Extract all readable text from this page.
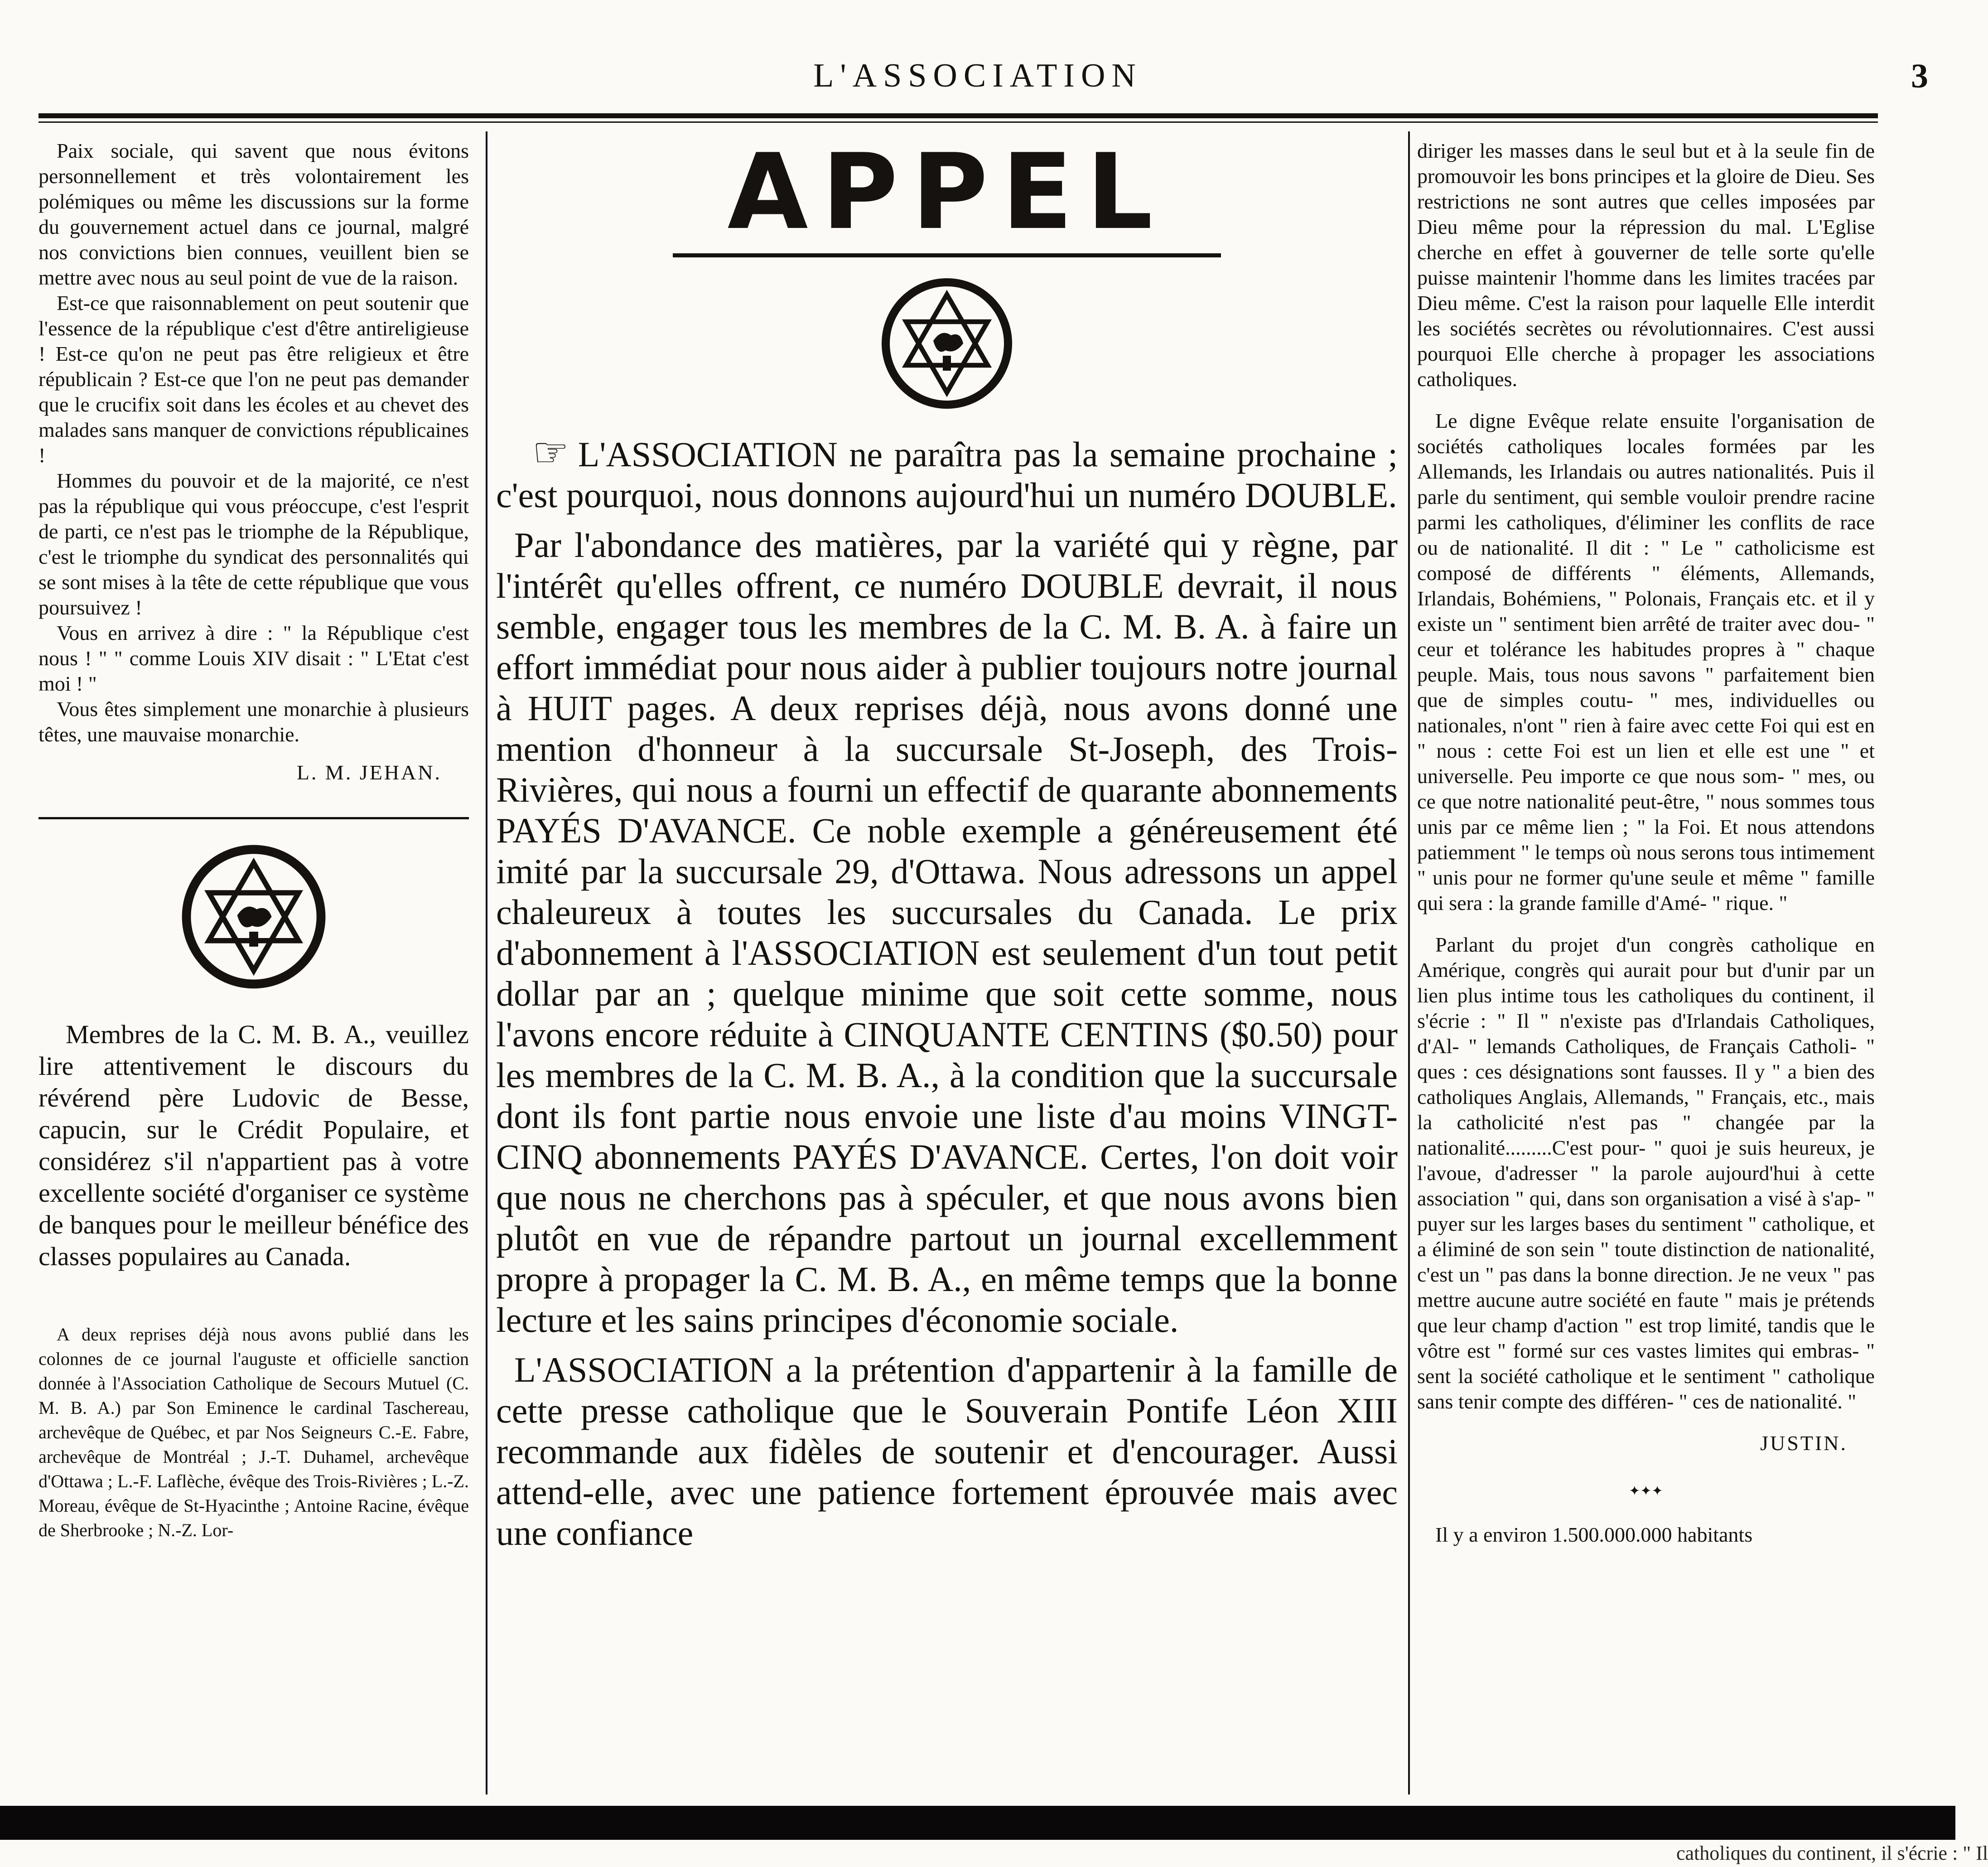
L'ASSOCIATION	3

Paix sociale, qui savent que nous évitons personnellement et très volontairement les polémiques ou même les discussions sur la forme du gouvernement actuel dans ce journal, malgré nos convictions bien connues, veuillent bien se mettre avec nous au seul point de vue de la raison.

Est-ce que raisonnablement on peut soutenir que l'essence de la république c'est d'être antireligieuse ! Est-ce qu'on ne peut pas être religieux et être républicain ? Est-ce que l'on ne peut pas demander que le crucifix soit dans les écoles et au chevet des malades sans manquer de convictions républicaines !

Hommes du pouvoir et de la majorité, ce n'est pas la république qui vous préoccupe, c'est l'esprit de parti, ce n'est pas le triomphe de la République, c'est le triomphe du syndicat des personnalités qui se sont mises à la tête de cette république que vous poursuivez !

Vous en arrivez à dire : " la République c'est nous ! " " comme Louis XIV disait : " L'Etat c'est moi ! "

Vous êtes simplement une monarchie à plusieurs têtes, une mauvaise monarchie.

L. M. JEHAN.

Membres de la C. M. B. A., veuillez lire attentivement le discours du révérend père Ludovic de Besse, capucin, sur le Crédit Populaire, et considérez s'il n'appartient pas à votre excellente société d'organiser ce système de banques pour le meilleur bénéfice des classes populaires au Canada.

A deux reprises déjà nous avons publié dans les colonnes de ce journal l'auguste et officielle sanction donnée à l'Association Catholique de Secours Mutuel (C. M. B. A.) par Son Eminence le cardinal Taschereau, archevêque de Québec, et par Nos Seigneurs C.-E. Fabre, archevêque de Montréal ; J.-T. Duhamel, archevêque d'Ottawa ; L.-F. Laflèche, évêque des Trois-Rivières ; L.-Z. Moreau, évêque de St-Hyacinthe ; Antoine Racine, évêque de Sherbrooke ; N.-Z. Lor-

APPEL

☞ L'ASSOCIATION ne paraîtra pas la semaine prochaine ; c'est pourquoi, nous donnons aujourd'hui un numéro DOUBLE.

Par l'abondance des matières, par la variété qui y règne, par l'intérêt qu'elles offrent, ce numéro DOUBLE devrait, il nous semble, engager tous les membres de la C. M. B. A. à faire un effort immédiat pour nous aider à publier toujours notre journal à HUIT pages. A deux reprises déjà, nous avons donné une mention d'honneur à la succursale St-Joseph, des Trois-Rivières, qui nous a fourni un effectif de quarante abonnements PAYÉS D'AVANCE. Ce noble exemple a généreusement été imité par la succursale 29, d'Ottawa. Nous adressons un appel chaleureux à toutes les succursales du Canada. Le prix d'abonnement à l'ASSOCIATION est seulement d'un tout petit dollar par an ; quelque minime que soit cette somme, nous l'avons encore réduite à CINQUANTE CENTINS ($0.50) pour les membres de la C. M. B. A., à la condition que la succursale dont ils font partie nous envoie une liste d'au moins VINGT-CINQ abonnements PAYÉS D'AVANCE. Certes, l'on doit voir que nous ne cherchons pas à spéculer, et que nous avons bien plutôt en vue de répandre partout un journal excellemment propre à propager la C. M. B. A., en même temps que la bonne lecture et les sains principes d'économie sociale.

L'ASSOCIATION a la prétention d'appartenir à la famille de cette presse catholique que le Souverain Pontife Léon XIII recommande aux fidèles de soutenir et d'encourager. Aussi attend-elle, avec une patience fortement éprouvée mais avec une confiance

diriger les masses dans le seul but et à la seule fin de promouvoir les bons principes et la gloire de Dieu. Ses restrictions ne sont autres que celles imposées par Dieu même pour la répression du mal. L'Eglise cherche en effet à gouverner de telle sorte qu'elle puisse maintenir l'homme dans les limites tracées par Dieu même. C'est la raison pour laquelle Elle interdit les sociétés secrètes ou révolutionnaires. C'est aussi pourquoi Elle cherche à propager les associations catholiques.

Le digne Evêque relate ensuite l'organisation de sociétés catholiques locales formées par les Allemands, les Irlandais ou autres nationalités. Puis il parle du sentiment, qui semble vouloir prendre racine parmi les catholiques, d'éliminer les conflits de race ou de nationalité. Il dit : " Le " catholicisme est composé de différents " éléments, Allemands, Irlandais, Bohémiens, " Polonais, Français etc. et il y existe un " sentiment bien arrêté de traiter avec dou- " ceur et tolérance les habitudes propres à " chaque peuple. Mais, tous nous savons " parfaitement bien que de simples coutu- " mes, individuelles ou nationales, n'ont " rien à faire avec cette Foi qui est en " nous : cette Foi est un lien et elle est une " et universelle. Peu importe ce que nous som- " mes, ou ce que notre nationalité peut-être, " nous sommes tous unis par ce même lien ; " la Foi. Et nous attendons patiemment " le temps où nous serons tous intimement " unis pour ne former qu'une seule et même " famille qui sera : la grande famille d'Amé- " rique. "

Parlant du projet d'un congrès catholique en Amérique, congrès qui aurait pour but d'unir par un lien plus intime tous les catholiques du continent, il s'écrie : " Il " n'existe pas d'Irlandais Catholiques, d'Al- " lemands Catholiques, de Français Catholi- " ques : ces désignations sont fausses. Il y " a bien des catholiques Anglais, Allemands, " Français, etc., mais la catholicité n'est pas " changée par la nationalité.........C'est pour- " quoi je suis heureux, je l'avoue, d'adresser " la parole aujourd'hui à cette association " qui, dans son organisation a visé à s'ap- " puyer sur les larges bases du sentiment " catholique, et a éliminé de son sein " toute distinction de nationalité, c'est un " pas dans la bonne direction. Je ne veux " pas mettre aucune autre société en faute " mais je prétends que leur champ d'action " est trop limité, tandis que le vôtre est " formé sur ces vastes limites qui embras- " sent la société catholique et le sentiment " catholique sans tenir compte des différen- " ces de nationalité. "

JUSTIN.

✦✦✦

Il y a environ 1.500.000.000 habitants

catholiques du continent, il s'écrie : " Il
